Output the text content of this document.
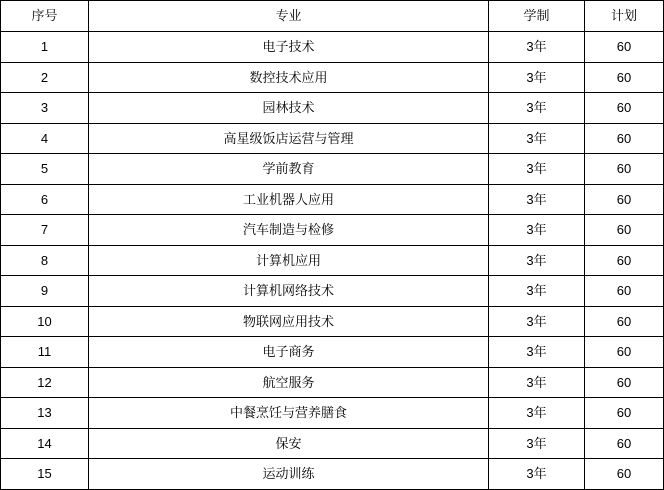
序号	专业	学制	计划
1	电子技术	3年	60
2	数控技术应用	3年	60
3	园林技术	3年	60
4	高星级饭店运营与管理	3年	60
5	学前教育	3年	60
6	工业机器人应用	3年	60
7	汽车制造与检修	3年	60
8	计算机应用	3年	60
9	计算机网络技术	3年	60
10	物联网应用技术	3年	60
11	电子商务	3年	60
12	航空服务	3年	60
13	中餐烹饪与营养膳食	3年	60
14	保安	3年	60
15	运动训练	3年	60
